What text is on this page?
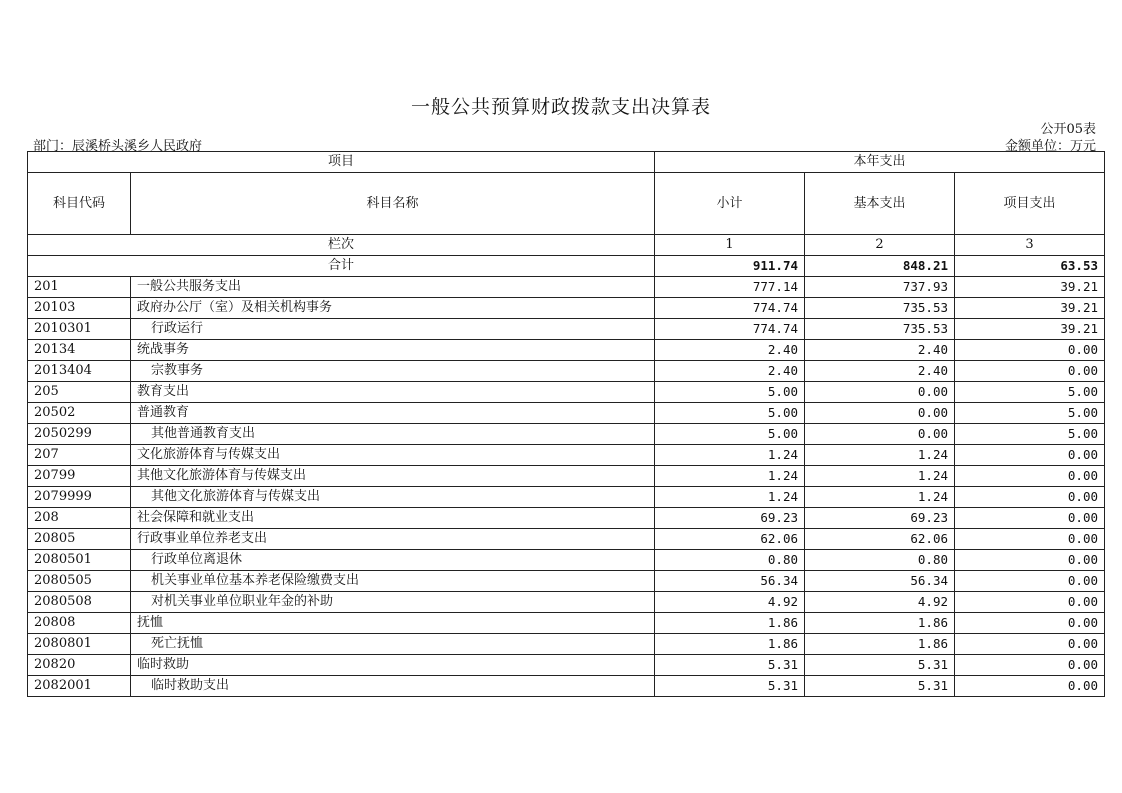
一般公共预算财政拨款支出决算表
公开05表
部门：辰溪桥头溪乡人民政府	金额单位：万元
项目		本年支出		
科目代码	科目名称	小计	基本支出	项目支出
栏次		1	2	3
合计		911.74	848.21	63.53
201	一般公共服务支出	777.14	737.93	39.21
20103	政府办公厅（室）及相关机构事务	774.74	735.53	39.21
2010301	行政运行	774.74	735.53	39.21
20134	统战事务	2.40	2.40	0.00
2013404	宗教事务	2.40	2.40	0.00
205	教育支出	5.00	0.00	5.00
20502	普通教育	5.00	0.00	5.00
2050299	其他普通教育支出	5.00	0.00	5.00
207	文化旅游体育与传媒支出	1.24	1.24	0.00
20799	其他文化旅游体育与传媒支出	1.24	1.24	0.00
2079999	其他文化旅游体育与传媒支出	1.24	1.24	0.00
208	社会保障和就业支出	69.23	69.23	0.00
20805	行政事业单位养老支出	62.06	62.06	0.00
2080501	行政单位离退休	0.80	0.80	0.00
2080505	机关事业单位基本养老保险缴费支出	56.34	56.34	0.00
2080508	对机关事业单位职业年金的补助	4.92	4.92	0.00
20808	抚恤	1.86	1.86	0.00
2080801	死亡抚恤	1.86	1.86	0.00
20820	临时救助	5.31	5.31	0.00
2082001	临时救助支出	5.31	5.31	0.00
